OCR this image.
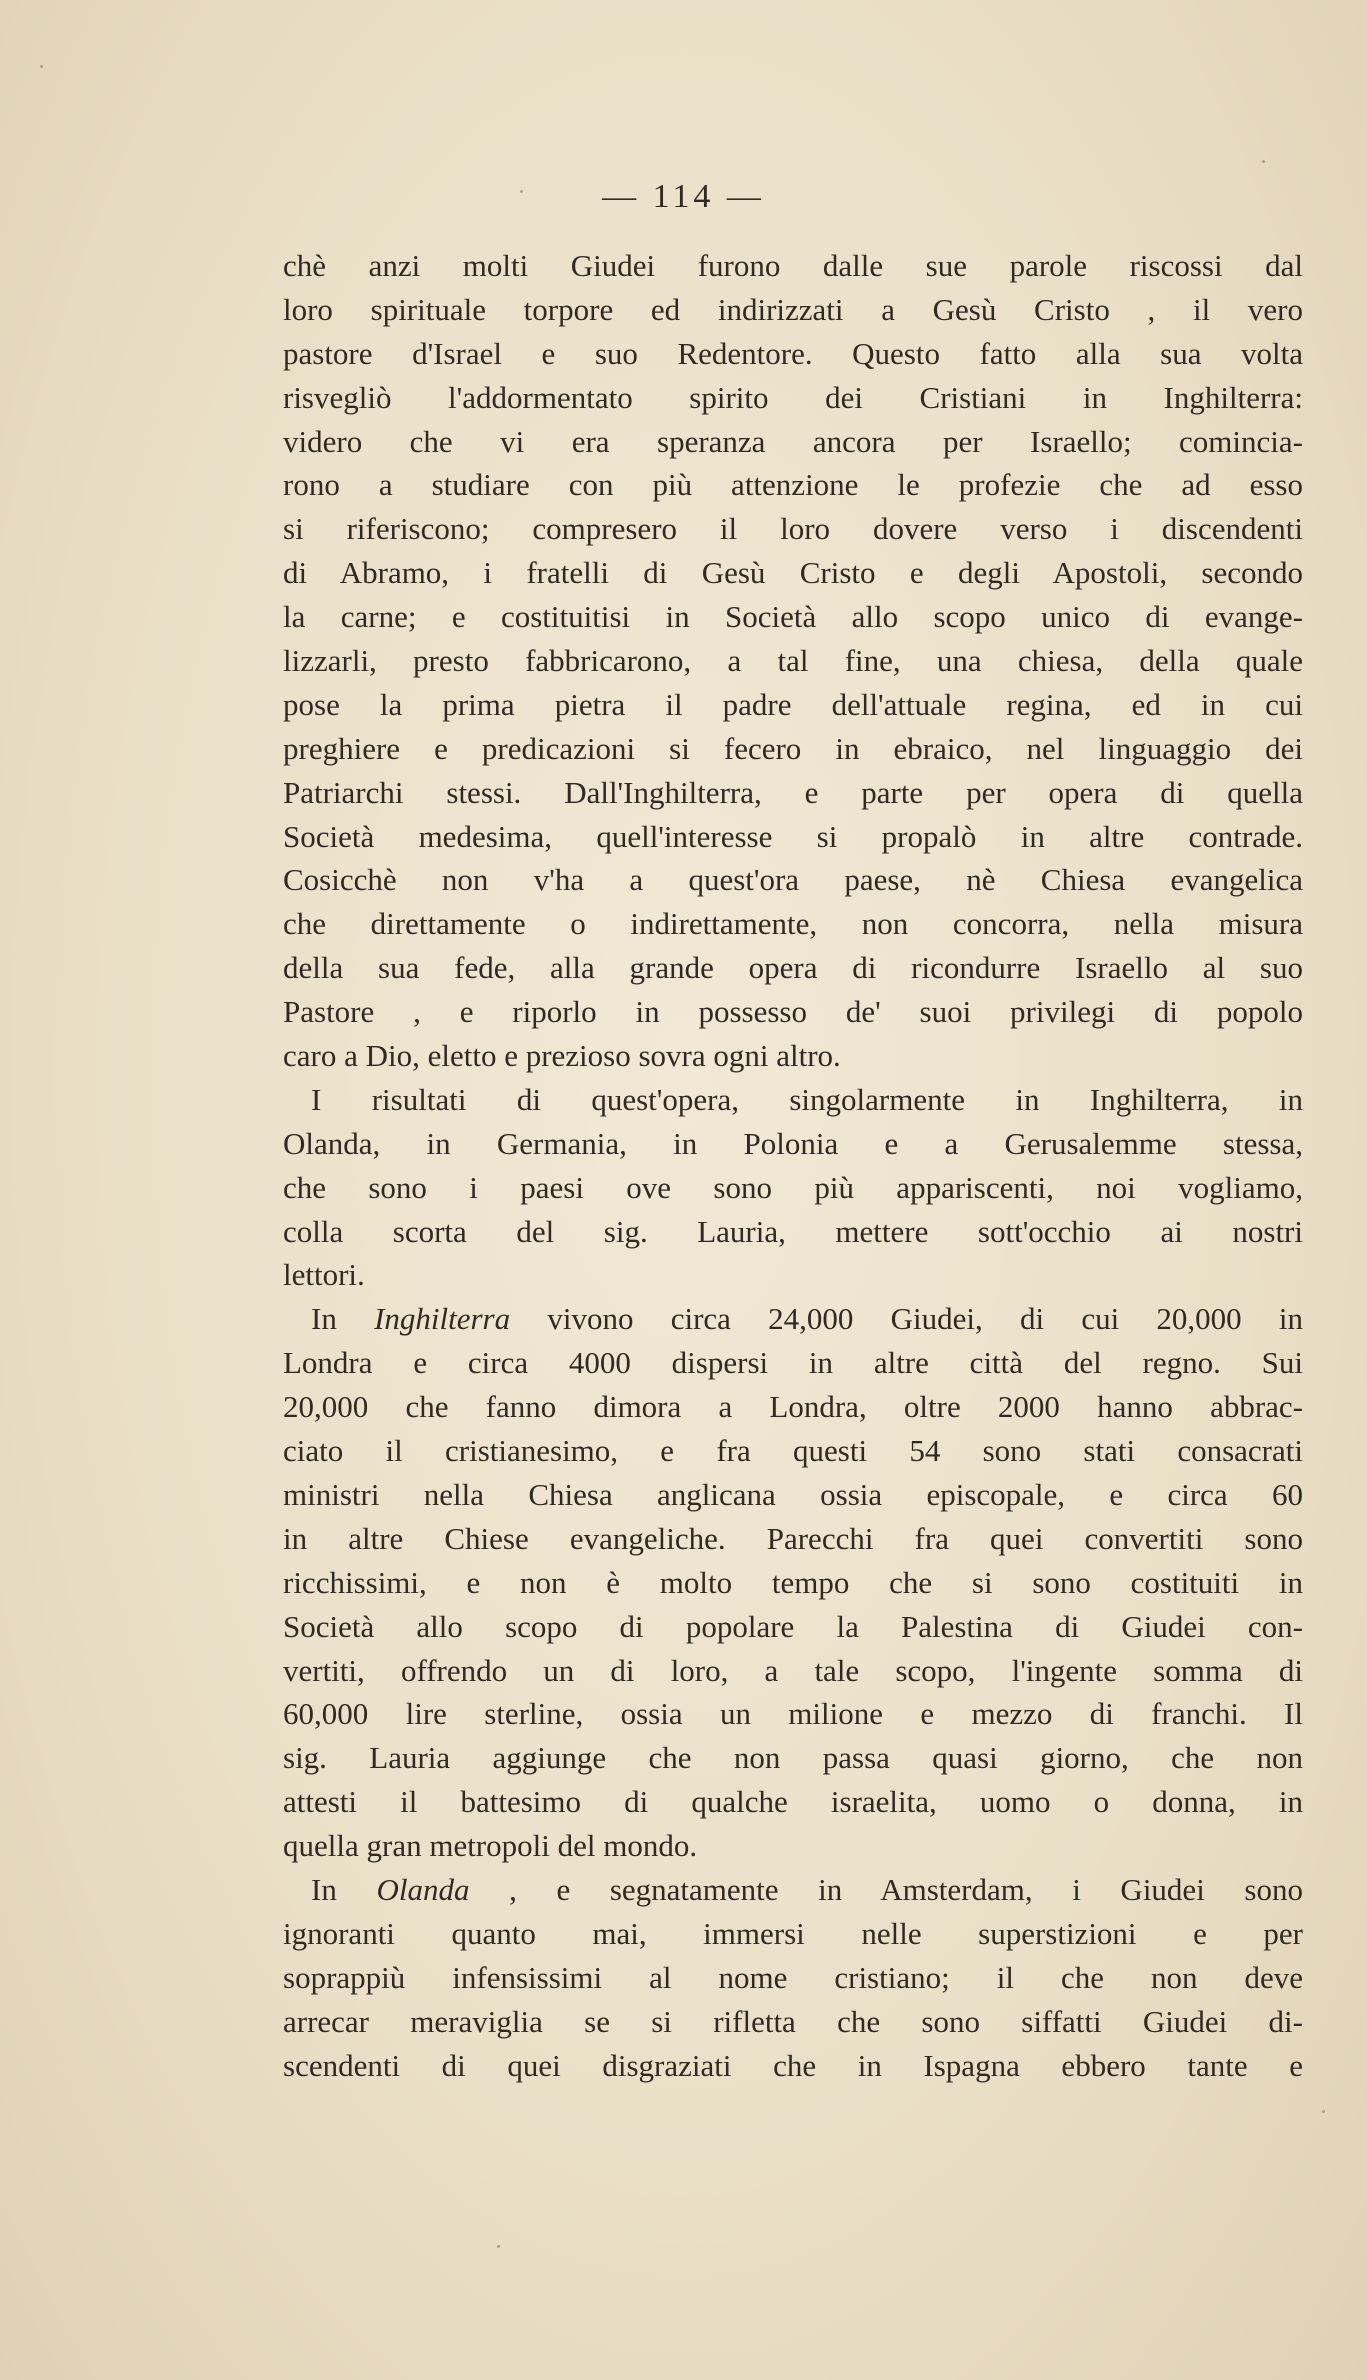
— 114 —
chè anzi molti Giudei furono dalle sue parole riscossi dal
loro spirituale torpore ed indirizzati a Gesù Cristo , il vero
pastore d'Israel e suo Redentore. Questo fatto alla sua volta
risvegliò l'addormentato spirito dei Cristiani in Inghilterra:
videro che vi era speranza ancora per Israello; comincia-
rono a studiare con più attenzione le profezie che ad esso
si riferiscono; compresero il loro dovere verso i discendenti
di Abramo, i fratelli di Gesù Cristo e degli Apostoli, secondo
la carne; e costituitisi in Società allo scopo unico di evange-
lizzarli, presto fabbricarono, a tal fine, una chiesa, della quale
pose la prima pietra il padre dell'attuale regina, ed in cui
preghiere e predicazioni si fecero in ebraico, nel linguaggio dei
Patriarchi stessi. Dall'Inghilterra, e parte per opera di quella
Società medesima, quell'interesse si propalò in altre contrade.
Cosicchè non v'ha a quest'ora paese, nè Chiesa evangelica
che direttamente o indirettamente, non concorra, nella misura
della sua fede, alla grande opera di ricondurre Israello al suo
Pastore , e riporlo in possesso de' suoi privilegi di popolo
caro a Dio, eletto e prezioso sovra ogni altro.
I risultati di quest'opera, singolarmente in Inghilterra, in
Olanda, in Germania, in Polonia e a Gerusalemme stessa,
che sono i paesi ove sono più appariscenti, noi vogliamo,
colla scorta del sig. Lauria, mettere sott'occhio ai nostri
lettori.
In Inghilterra vivono circa 24,000 Giudei, di cui 20,000 in
Londra e circa 4000 dispersi in altre città del regno. Sui
20,000 che fanno dimora a Londra, oltre 2000 hanno abbrac-
ciato il cristianesimo, e fra questi 54 sono stati consacrati
ministri nella Chiesa anglicana ossia episcopale, e circa 60
in altre Chiese evangeliche. Parecchi fra quei convertiti sono
ricchissimi, e non è molto tempo che si sono costituiti in
Società allo scopo di popolare la Palestina di Giudei con-
vertiti, offrendo un di loro, a tale scopo, l'ingente somma di
60,000 lire sterline, ossia un milione e mezzo di franchi. Il
sig. Lauria aggiunge che non passa quasi giorno, che non
attesti il battesimo di qualche israelita, uomo o donna, in
quella gran metropoli del mondo.
In Olanda , e segnatamente in Amsterdam, i Giudei sono
ignoranti quanto mai, immersi nelle superstizioni e per
soprappiù infensissimi al nome cristiano; il che non deve
arrecar meraviglia se si rifletta che sono siffatti Giudei di-
scendenti di quei disgraziati che in Ispagna ebbero tante e
